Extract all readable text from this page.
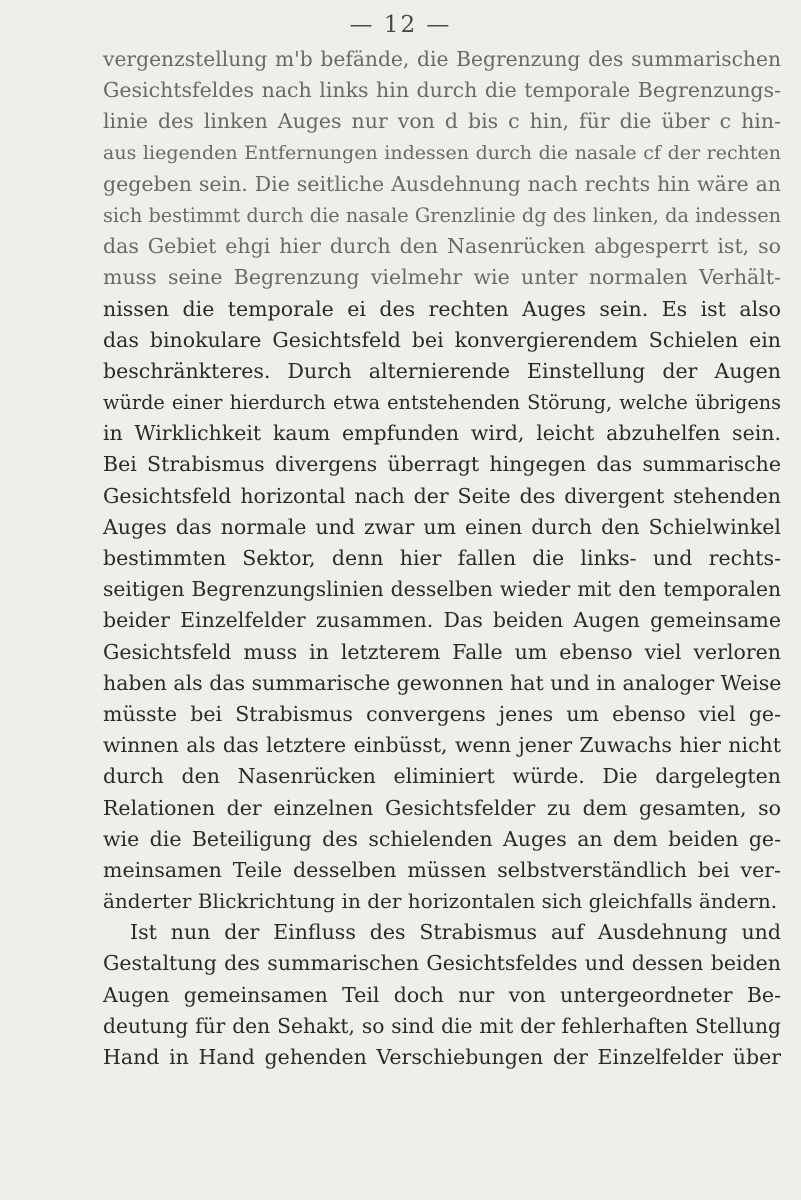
— 12 —
vergenzstellung m'b befände, die Begrenzung des summarischen
Gesichtsfeldes nach links hin durch die temporale Begrenzungs-
linie des linken Auges nur von d bis c hin, für die über c hin-
aus liegenden Entfernungen indessen durch die nasale cf der rechten
gegeben sein. Die seitliche Ausdehnung nach rechts hin wäre an
sich bestimmt durch die nasale Grenzlinie dg des linken, da indessen
das Gebiet ehgi hier durch den Nasenrücken abgesperrt ist, so
muss seine Begrenzung vielmehr wie unter normalen Verhält-
nissen die temporale ei des rechten Auges sein. Es ist also
das binokulare Gesichtsfeld bei konvergierendem Schielen ein
beschränkteres. Durch alternierende Einstellung der Augen
würde einer hierdurch etwa entstehenden Störung, welche übrigens
in Wirklichkeit kaum empfunden wird, leicht abzuhelfen sein.
Bei Strabismus divergens überragt hingegen das summarische
Gesichtsfeld horizontal nach der Seite des divergent stehenden
Auges das normale und zwar um einen durch den Schielwinkel
bestimmten Sektor, denn hier fallen die links- und rechts-
seitigen Begrenzungslinien desselben wieder mit den temporalen
beider Einzelfelder zusammen. Das beiden Augen gemeinsame
Gesichtsfeld muss in letzterem Falle um ebenso viel verloren
haben als das summarische gewonnen hat und in analoger Weise
müsste bei Strabismus convergens jenes um ebenso viel ge-
winnen als das letztere einbüsst, wenn jener Zuwachs hier nicht
durch den Nasenrücken eliminiert würde. Die dargelegten
Relationen der einzelnen Gesichtsfelder zu dem gesamten, so
wie die Beteiligung des schielenden Auges an dem beiden ge-
meinsamen Teile desselben müssen selbstverständlich bei ver-
änderter Blickrichtung in der horizontalen sich gleichfalls ändern.
Ist nun der Einfluss des Strabismus auf Ausdehnung und
Gestaltung des summarischen Gesichtsfeldes und dessen beiden
Augen gemeinsamen Teil doch nur von untergeordneter Be-
deutung für den Sehakt, so sind die mit der fehlerhaften Stellung
Hand in Hand gehenden Verschiebungen der Einzelfelder über
